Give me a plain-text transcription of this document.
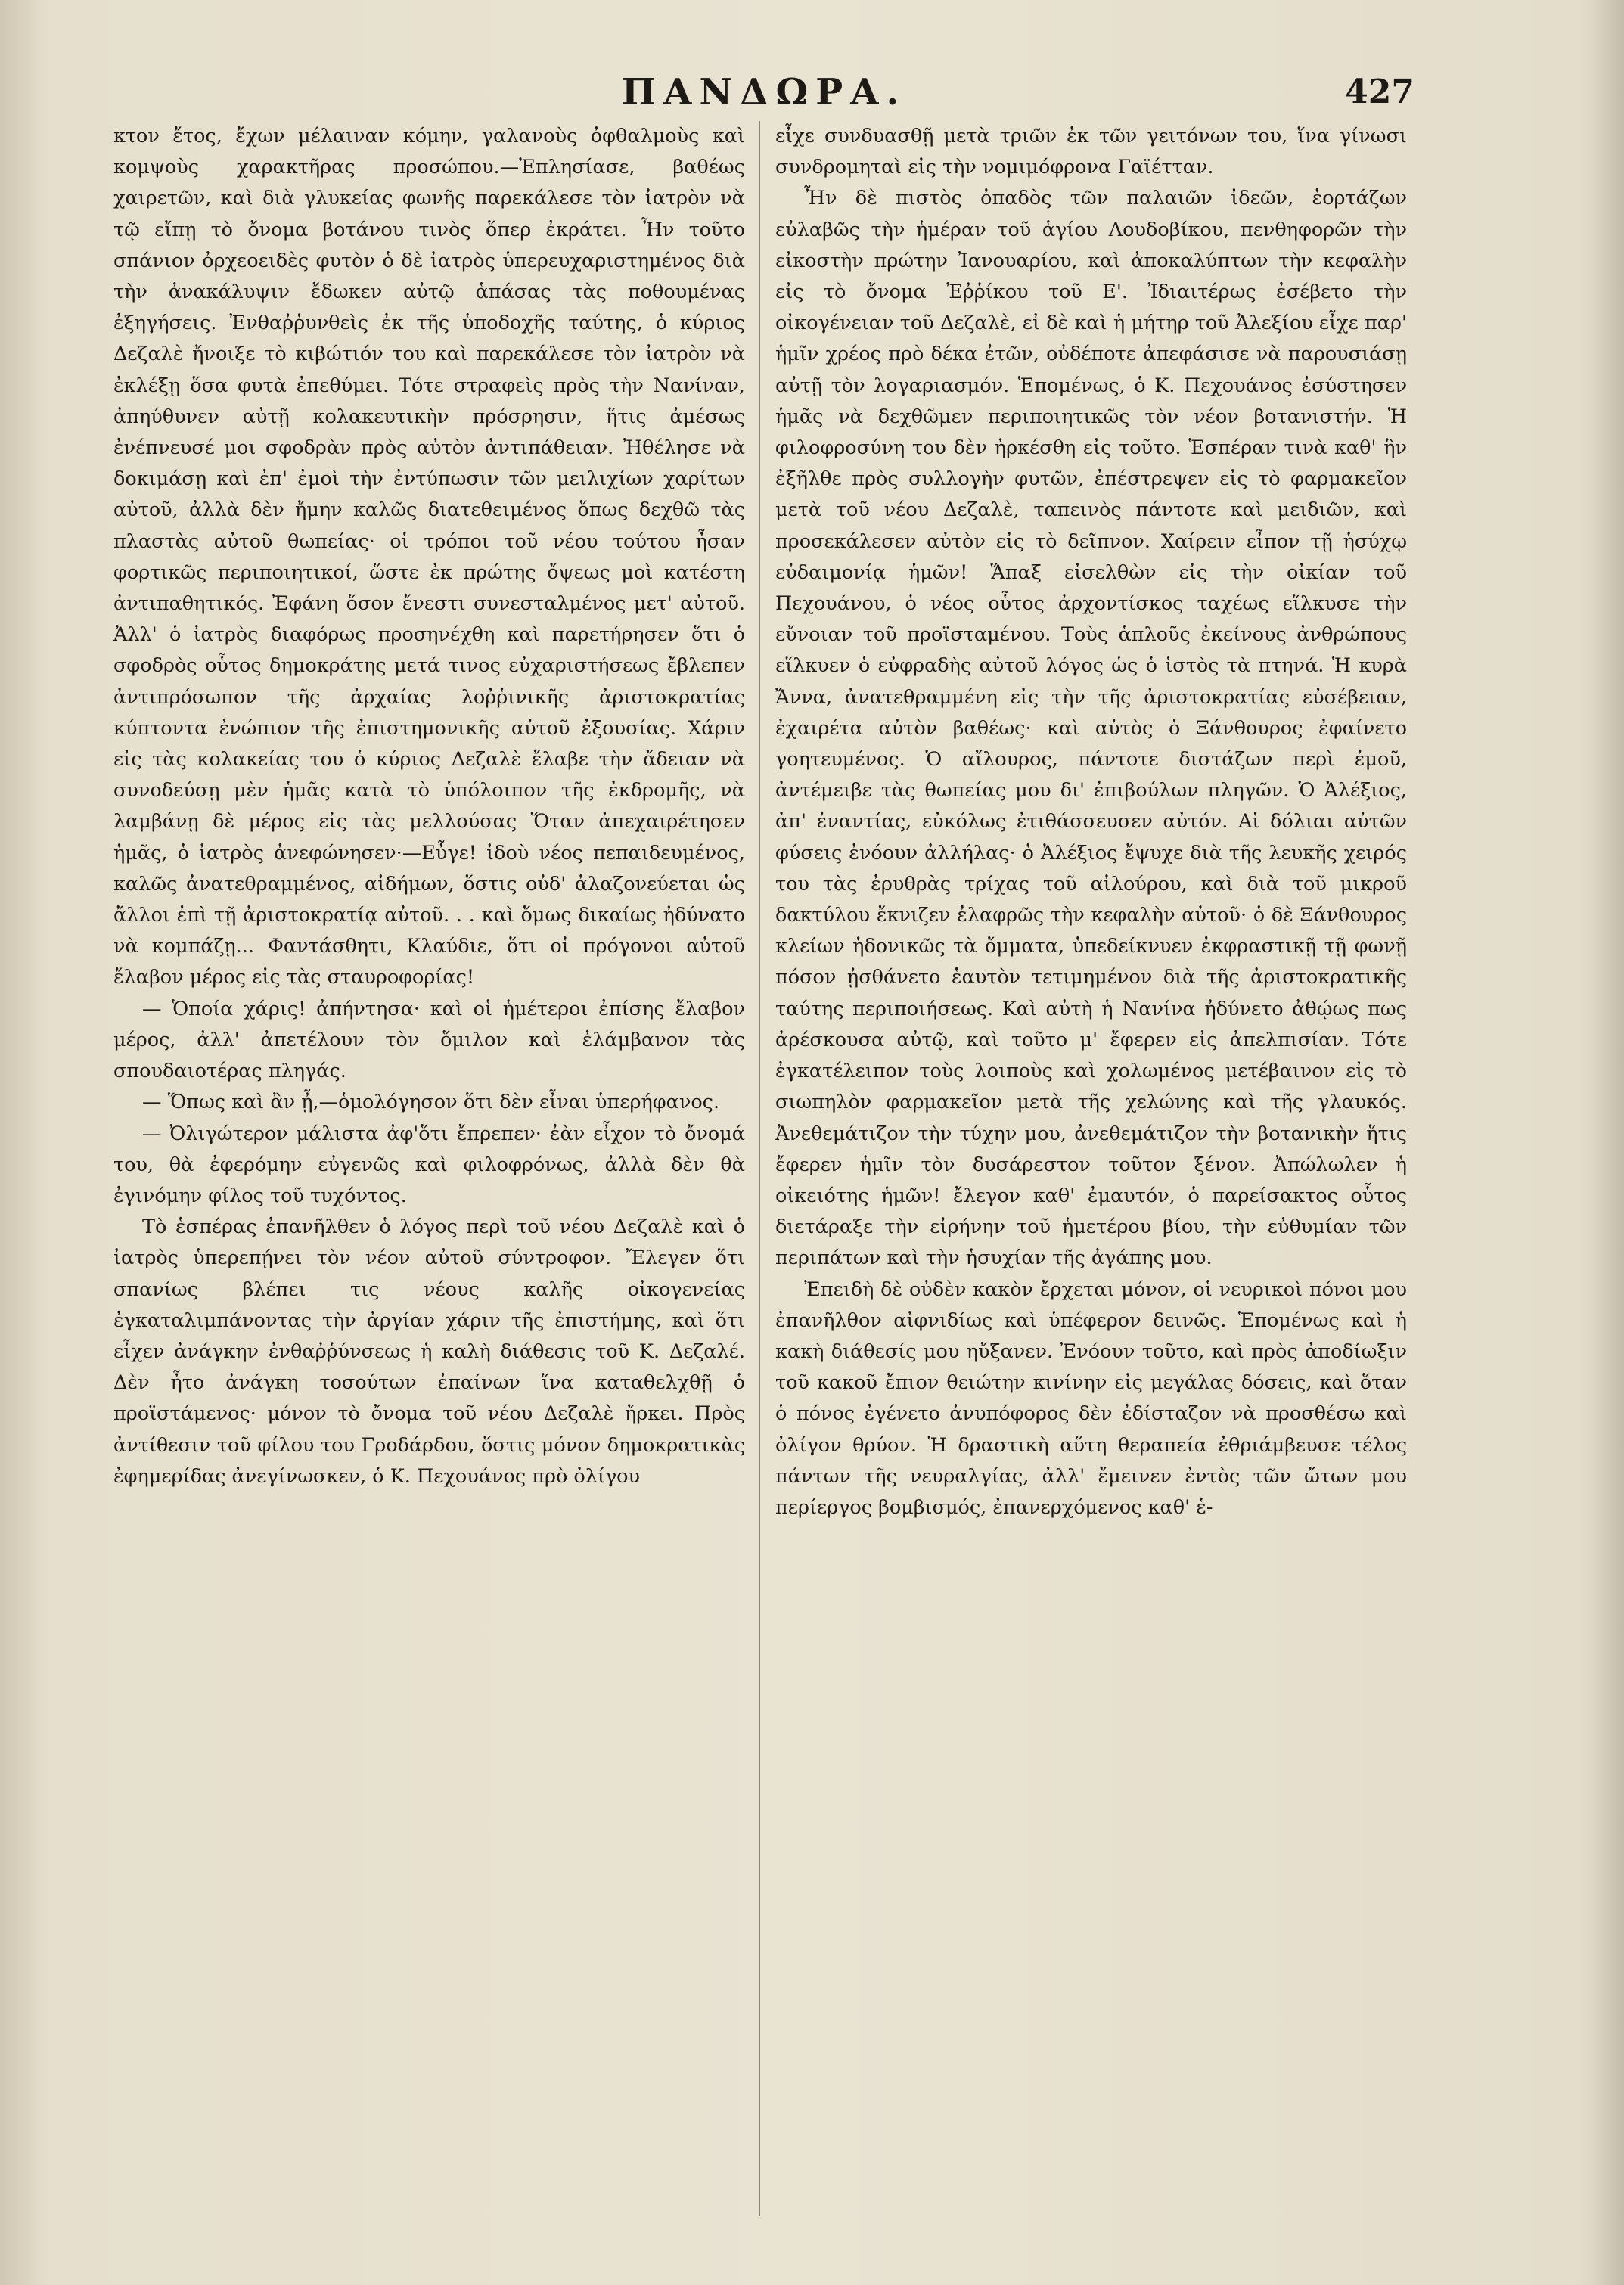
ΠΑΝΔΩΡΑ.	427

κτον ἔτος, ἔχων μέλαιναν κόμην, γαλανοὺς ὀφθαλμοὺς καὶ κομψοὺς χαρακτῆρας προσώπου.—Ἐπλησίασε, βαθέως χαιρετῶν, καὶ διὰ γλυκείας φωνῆς παρεκάλεσε τὸν ἰατρὸν νὰ τῷ εἴπῃ τὸ ὄνομα βοτάνου τινὸς ὅπερ ἐκράτει. Ἦν τοῦτο σπάνιον ὀρχεοειδὲς φυτὸν ὁ δὲ ἰατρὸς ὑπερευχαριστημένος διὰ τὴν ἀνακάλυψιν ἔδωκεν αὐτῷ ἁπάσας τὰς ποθουμένας ἐξηγήσεις. Ἐνθαῤῥυνθεὶς ἐκ τῆς ὑποδοχῆς ταύτης, ὁ κύριος Δεζαλὲ ἤνοιξε τὸ κιβώτιόν του καὶ παρεκάλεσε τὸν ἰατρὸν νὰ ἐκλέξῃ ὅσα φυτὰ ἐπεθύμει. Τότε στραφεὶς πρὸς τὴν Νανίναν, ἀπηύθυνεν αὐτῇ κολακευτικὴν πρόσρησιν, ἥτις ἀμέσως ἐνέπνευσέ μοι σφοδρὰν πρὸς αὐτὸν ἀντιπάθειαν. Ἠθέλησε νὰ δοκιμάσῃ καὶ ἐπ' ἐμοὶ τὴν ἐντύπωσιν τῶν μειλιχίων χαρίτων αὐτοῦ, ἀλλὰ δὲν ἤμην καλῶς διατεθειμένος ὅπως δεχθῶ τὰς πλαστὰς αὐτοῦ θωπείας· οἱ τρόποι τοῦ νέου τούτου ἦσαν φορτικῶς περιποιητικοί, ὥστε ἐκ πρώτης ὄψεως μοὶ κατέστη ἀντιπαθητικός. Ἐφάνη ὅσον ἔνεστι συνεσταλμένος μετ' αὐτοῦ. Ἀλλ' ὁ ἰατρὸς διαφόρως προσηνέχθη καὶ παρετήρησεν ὅτι ὁ σφοδρὸς οὗτος δημοκράτης μετά τινος εὐχαριστήσεως ἔβλεπεν ἀντιπρόσωπον τῆς ἀρχαίας λοῤῥινικῆς ἀριστοκρατίας κύπτοντα ἐνώπιον τῆς ἐπιστημονικῆς αὐτοῦ ἐξουσίας. Χάριν εἰς τὰς κολακείας του ὁ κύριος Δεζαλὲ ἔλαβε τὴν ἄδειαν νὰ συνοδεύσῃ μὲν ἡμᾶς κατὰ τὸ ὑπόλοιπον τῆς ἐκδρομῆς, νὰ λαμβάνῃ δὲ μέρος εἰς τὰς μελλούσας Ὅταν ἀπεχαιρέτησεν ἡμᾶς, ὁ ἰατρὸς ἀνεφώνησεν·—Εὖγε! ἰδοὺ νέος πεπαιδευμένος, καλῶς ἀνατεθραμμένος, αἰδήμων, ὅστις οὐδ' ἀλαζονεύεται ὡς ἄλλοι ἐπὶ τῇ ἀριστοκρατίᾳ αὐτοῦ. . . καὶ ὅμως δικαίως ἠδύνατο νὰ κομπάζῃ... Φαντάσθητι, Κλαύδιε, ὅτι οἱ πρόγονοι αὐτοῦ ἔλαβον μέρος εἰς τὰς σταυροφορίας!

— Ὁποία χάρις! ἀπήντησα· καὶ οἱ ἡμέτεροι ἐπίσης ἔλαβον μέρος, ἀλλ' ἀπετέλουν τὸν ὅμιλον καὶ ἐλάμβανον τὰς σπουδαιοτέρας πληγάς.

— Ὅπως καὶ ἂν ᾖ,—ὁμολόγησον ὅτι δὲν εἶναι ὑπερήφανος.

— Ὀλιγώτερον μάλιστα ἀφ'ὅτι ἔπρεπεν· ἐὰν εἶχον τὸ ὄνομά του, θὰ ἐφερόμην εὐγενῶς καὶ φιλοφρόνως, ἀλλὰ δὲν θὰ ἐγινόμην φίλος τοῦ τυχόντος.

Τὸ ἑσπέρας ἐπανῆλθεν ὁ λόγος περὶ τοῦ νέου Δεζαλὲ καὶ ὁ ἰατρὸς ὑπερεπῄνει τὸν νέον αὐτοῦ σύντροφον. Ἔλεγεν ὅτι σπανίως βλέπει τις νέους καλῆς οἰκογενείας ἐγκαταλιμπάνοντας τὴν ἀργίαν χάριν τῆς ἐπιστήμης, καὶ ὅτι εἶχεν ἀνάγκην ἐνθαῤῥύνσεως ἡ καλὴ διάθεσις τοῦ Κ. Δεζαλέ. Δὲν ἦτο ἀνάγκη τοσούτων ἐπαίνων ἵνα καταθελχθῇ ὁ προϊστάμενος· μόνον τὸ ὄνομα τοῦ νέου Δεζαλὲ ἤρκει. Πρὸς ἀντίθεσιν τοῦ φίλου του Γροδάρδου, ὅστις μόνον δημοκρατικὰς ἐφημερίδας ἀνεγίνωσκεν, ὁ Κ. Πεχουάνος πρὸ ὀλίγου

εἶχε συνδυασθῇ μετὰ τριῶν ἐκ τῶν γειτόνων του, ἵνα γίνωσι συνδρομηταὶ εἰς τὴν νομιμόφρονα Γαϊέτταν.

Ἦν δὲ πιστὸς ὀπαδὸς τῶν παλαιῶν ἰδεῶν, ἑορτάζων εὐλαβῶς τὴν ἡμέραν τοῦ ἁγίου Λουδοβίκου, πενθηφορῶν τὴν εἰκοστὴν πρώτην Ἰανουαρίου, καὶ ἀποκαλύπτων τὴν κεφαλὴν εἰς τὸ ὄνομα Ἐῤῥίκου τοῦ Ε'. Ἰδιαιτέρως ἐσέβετο τὴν οἰκογένειαν τοῦ Δεζαλὲ, εἰ δὲ καὶ ἡ μήτηρ τοῦ Ἀλεξίου εἶχε παρ' ἡμῖν χρέος πρὸ δέκα ἐτῶν, οὐδέποτε ἀπεφάσισε νὰ παρουσιάσῃ αὐτῇ τὸν λογαριασμόν. Ἑπομένως, ὁ Κ. Πεχουάνος ἐσύστησεν ἡμᾶς νὰ δεχθῶμεν περιποιητικῶς τὸν νέον βοτανιστήν. Ἡ φιλοφροσύνη του δὲν ἠρκέσθη εἰς τοῦτο. Ἑσπέραν τινὰ καθ' ἣν ἐξῆλθε πρὸς συλλογὴν φυτῶν, ἐπέστρεψεν εἰς τὸ φαρμακεῖον μετὰ τοῦ νέου Δεζαλὲ, ταπεινὸς πάντοτε καὶ μειδιῶν, καὶ προσεκάλεσεν αὐτὸν εἰς τὸ δεῖπνον. Χαίρειν εἶπον τῇ ἡσύχῳ εὐδαιμονίᾳ ἡμῶν! Ἅπαξ εἰσελθὼν εἰς τὴν οἰκίαν τοῦ Πεχουάνου, ὁ νέος οὗτος ἀρχοντίσκος ταχέως εἵλκυσε τὴν εὔνοιαν τοῦ προϊσταμένου. Τοὺς ἁπλοῦς ἐκείνους ἀνθρώπους εἵλκυεν ὁ εὐφραδὴς αὐτοῦ λόγος ὡς ὁ ἱστὸς τὰ πτηνά. Ἡ κυρὰ Ἄννα, ἀνατεθραμμένη εἰς τὴν τῆς ἀριστοκρατίας εὐσέβειαν, ἐχαιρέτα αὐτὸν βαθέως· καὶ αὐτὸς ὁ Ξάνθουρος ἐφαίνετο γοητευμένος. Ὁ αἴλουρος, πάντοτε διστάζων περὶ ἐμοῦ, ἀντέμειβε τὰς θωπείας μου δι' ἐπιβούλων πληγῶν. Ὁ Ἀλέξιος, ἀπ' ἐναντίας, εὐκόλως ἐτιθάσσευσεν αὐτόν. Αἱ δόλιαι αὐτῶν φύσεις ἐνόουν ἀλλήλας· ὁ Ἀλέξιος ἔψυχε διὰ τῆς λευκῆς χειρός του τὰς ἐρυθρὰς τρίχας τοῦ αἰλούρου, καὶ διὰ τοῦ μικροῦ δακτύλου ἔκνιζεν ἐλαφρῶς τὴν κεφαλὴν αὐτοῦ· ὁ δὲ Ξάνθουρος κλείων ἡδονικῶς τὰ ὄμματα, ὑπεδείκνυεν ἐκφραστικῇ τῇ φωνῇ πόσον ᾐσθάνετο ἑαυτὸν τετιμημένον διὰ τῆς ἀριστοκρατικῆς ταύτης περιποιήσεως. Καὶ αὐτὴ ἡ Νανίνα ἠδύνετο ἀθῴως πως ἀρέσκουσα αὐτῷ, καὶ τοῦτο μ' ἔφερεν εἰς ἀπελπισίαν. Τότε ἐγκατέλειπον τοὺς λοιποὺς καὶ χολωμένος μετέβαινον εἰς τὸ σιωπηλὸν φαρμακεῖον μετὰ τῆς χελώνης καὶ τῆς γλαυκός. Ἀνεθεμάτιζον τὴν τύχην μου, ἀνεθεμάτιζον τὴν βοτανικὴν ἥτις ἔφερεν ἡμῖν τὸν δυσάρεστον τοῦτον ξένον. Ἀπώλωλεν ἡ οἰκειότης ἡμῶν! ἔλεγον καθ' ἐμαυτόν, ὁ παρείσακτος οὗτος διετάραξε τὴν εἰρήνην τοῦ ἡμετέρου βίου, τὴν εὐθυμίαν τῶν περιπάτων καὶ τὴν ἡσυχίαν τῆς ἀγάπης μου.

Ἐπειδὴ δὲ οὐδὲν κακὸν ἔρχεται μόνον, οἱ νευρικοὶ πόνοι μου ἐπανῆλθον αἰφνιδίως καὶ ὑπέφερον δεινῶς. Ἑπομένως καὶ ἡ κακὴ διάθεσίς μου ηὔξανεν. Ἐνόουν τοῦτο, καὶ πρὸς ἀποδίωξιν τοῦ κακοῦ ἔπιον θειώτην κινίνην εἰς μεγάλας δόσεις, καὶ ὅταν ὁ πόνος ἐγένετο ἀνυπόφορος δὲν ἐδίσταζον νὰ προσθέσω καὶ ὀλίγον θρύον. Ἡ δραστικὴ αὕτη θεραπεία ἐθριάμβευσε τέλος πάντων τῆς νευραλγίας, ἀλλ' ἔμεινεν ἐντὸς τῶν ὤτων μου περίεργος βομβισμός, ἐπανερχόμενος καθ' ἑ-
